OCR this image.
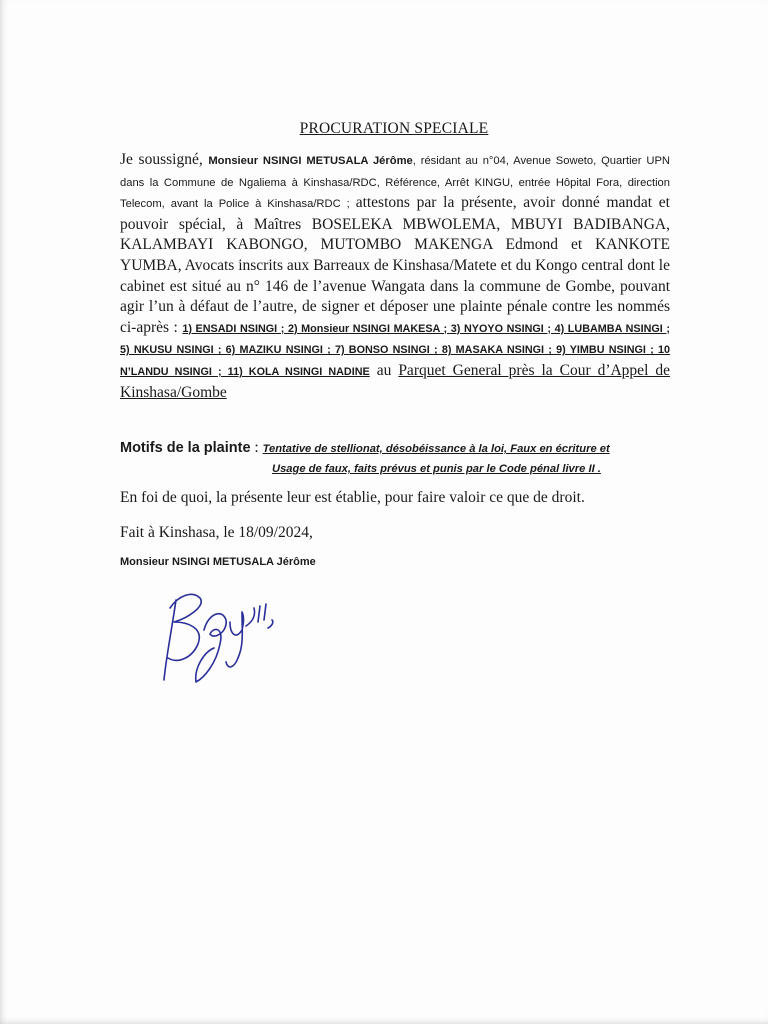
PROCURATION SPECIALE
Je soussigné, Monsieur NSINGI METUSALA Jérôme, résidant au n°04, Avenue Soweto, Quartier UPN dans la Commune de Ngaliema à Kinshasa/RDC, Référence, Arrêt KINGU, entrée Hôpital Fora, direction Telecom, avant la Police à Kinshasa/RDC ; attestons par la présente, avoir donné mandat et pouvoir spécial, à Maîtres BOSELEKA MBWOLEMA, MBUYI BADIBANGA, KALAMBAYI KABONGO, MUTOMBO MAKENGA Edmond et KANKOTE YUMBA, Avocats inscrits aux Barreaux de Kinshasa/Matete et du Kongo central dont le cabinet est situé au n° 146 de l’avenue Wangata dans la commune de Gombe, pouvant agir l’un à défaut de l’autre, de signer et déposer une plainte pénale contre les nommés ci-après : 1) ENSADI NSINGI ; 2) Monsieur NSINGI MAKESA ; 3) NYOYO NSINGI ; 4) LUBAMBA NSINGI ; 5) NKUSU NSINGI ; 6) MAZIKU NSINGI ; 7) BONSO NSINGI ; 8) MASAKA NSINGI ; 9) YIMBU NSINGI ; 10 N’LANDU NSINGI ; 11) KOLA NSINGI NADINE au Parquet General près la Cour d’Appel de Kinshasa/Gombe
Motifs de la plainte : Tentative de stellionat, désobéissance à la loi, Faux en écriture et
Usage de faux, faits prévus et punis par le Code pénal livre II .
En foi de quoi, la présente leur est établie, pour faire valoir ce que de droit.
Fait à Kinshasa, le 18/09/2024,
Monsieur NSINGI METUSALA Jérôme
